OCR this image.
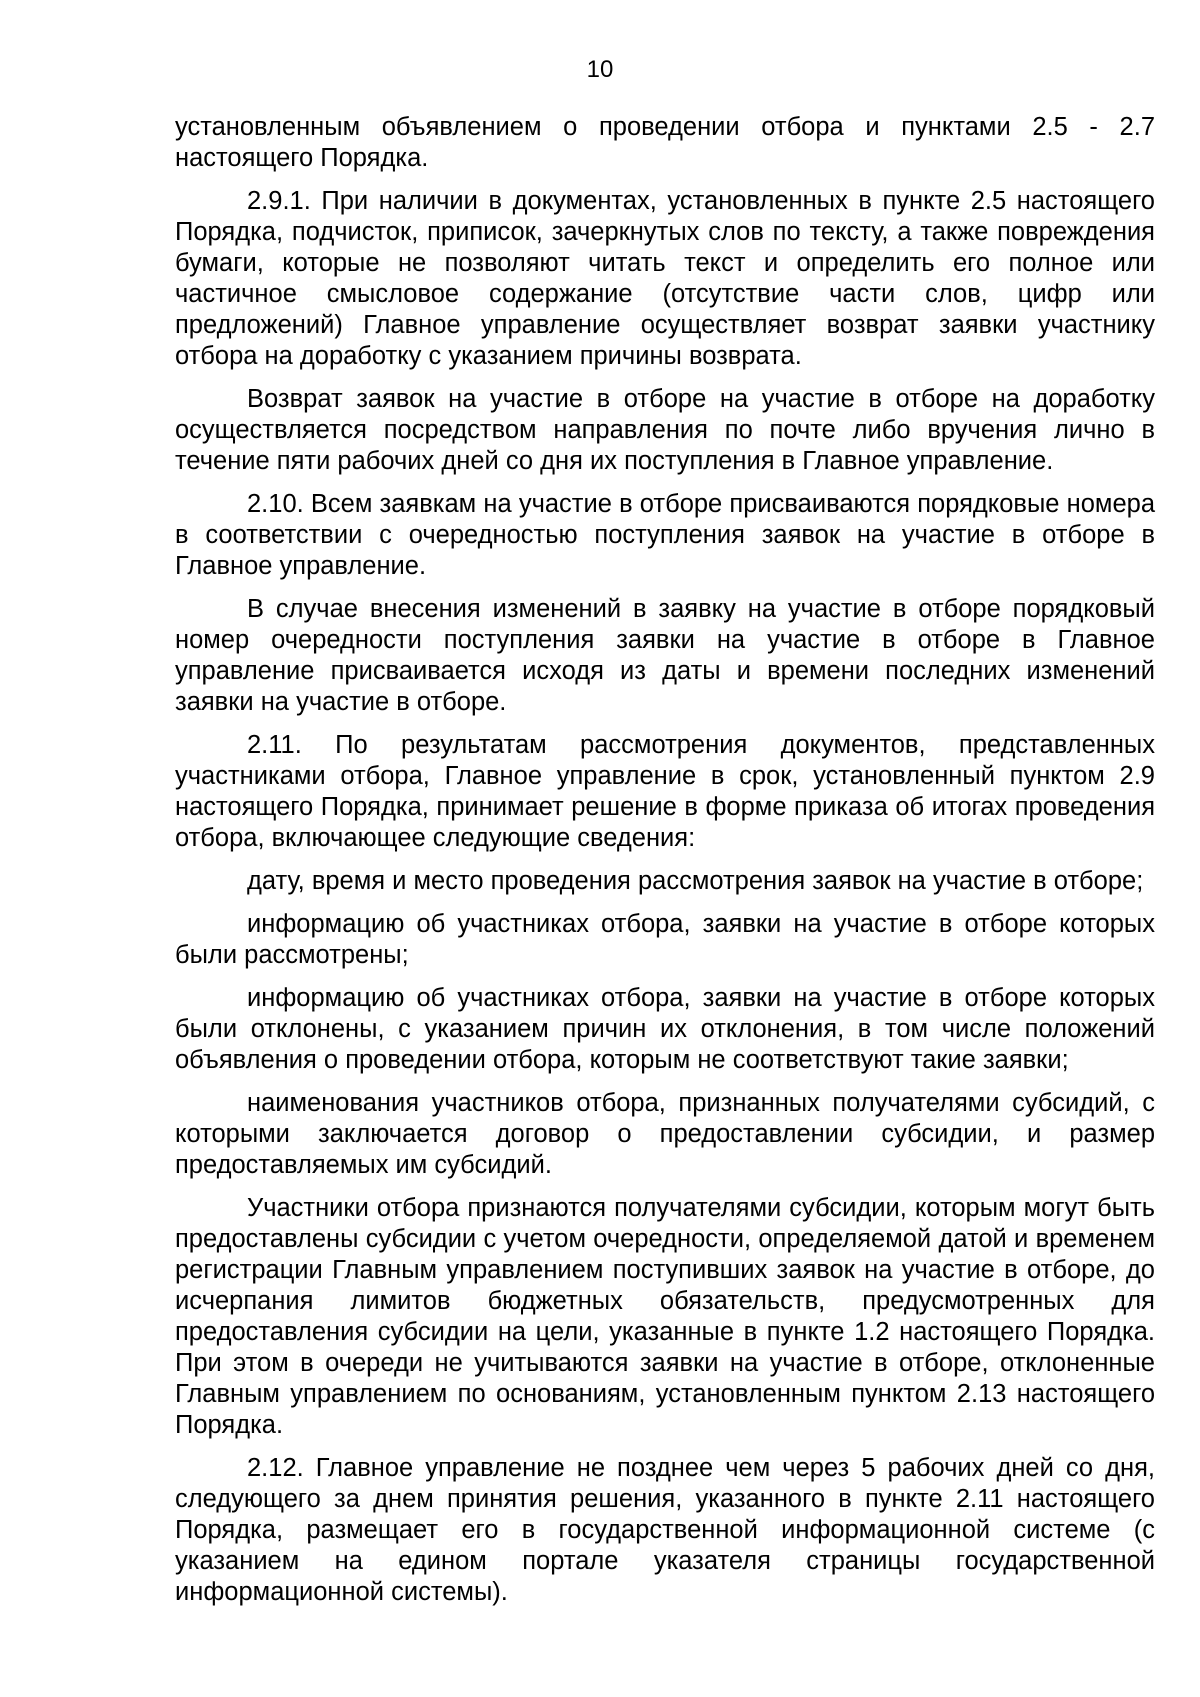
10

установленным объявлением о проведении отбора и пунктами 2.5 - 2.7 настоящего Порядка.

2.9.1. При наличии в документах, установленных в пункте 2.5 настоящего Порядка, подчисток, приписок, зачеркнутых слов по тексту, а также повреждения бумаги, которые не позволяют читать текст и определить его полное или частичное смысловое содержание (отсутствие части слов, цифр или предложений) Главное управление осуществляет возврат заявки участнику отбора на доработку с указанием причины возврата.

Возврат заявок на участие в отборе на участие в отборе на доработку осуществляется посредством направления по почте либо вручения лично в течение пяти рабочих дней со дня их поступления в Главное управление.

2.10. Всем заявкам на участие в отборе присваиваются порядковые номера в соответствии с очередностью поступления заявок на участие в отборе в Главное управление.

В случае внесения изменений в заявку на участие в отборе порядковый номер очередности поступления заявки на участие в отборе в Главное управление присваивается исходя из даты и времени последних изменений заявки на участие в отборе.

2.11. По результатам рассмотрения документов, представленных участниками отбора, Главное управление в срок, установленный пунктом 2.9 настоящего Порядка, принимает решение в форме приказа об итогах проведения отбора, включающее следующие сведения:

дату, время и место проведения рассмотрения заявок на участие в отборе;

информацию об участниках отбора, заявки на участие в отборе которых были рассмотрены;

информацию об участниках отбора, заявки на участие в отборе которых были отклонены, с указанием причин их отклонения, в том числе положений объявления о проведении отбора, которым не соответствуют такие заявки;

наименования участников отбора, признанных получателями субсидий, с которыми заключается договор о предоставлении субсидии, и размер предоставляемых им субсидий.

Участники отбора признаются получателями субсидии, которым могут быть предоставлены субсидии с учетом очередности, определяемой датой и временем регистрации Главным управлением поступивших заявок на участие в отборе, до исчерпания лимитов бюджетных обязательств, предусмотренных для предоставления субсидии на цели, указанные в пункте 1.2 настоящего Порядка. При этом в очереди не учитываются заявки на участие в отборе, отклоненные Главным управлением по основаниям, установленным пунктом 2.13 настоящего Порядка.

2.12. Главное управление не позднее чем через 5 рабочих дней со дня, следующего за днем принятия решения, указанного в пункте 2.11 настоящего Порядка, размещает его в государственной информационной системе (с указанием на едином портале указателя страницы государственной информационной системы).
